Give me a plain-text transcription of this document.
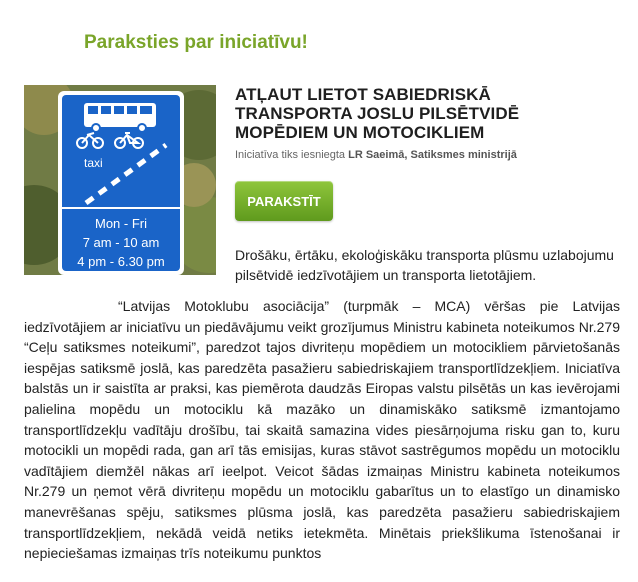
Paraksties par iniciatīvu!
taxi
Mon - Fri
7 am - 10 am
4 pm - 6.30 pm
ATĻAUT LIETOT SABIEDRISKĀ TRANSPORTA JOSLU PILSĒTVIDĒ MOPĒDIEM UN MOTOCIKLIEM
Iniciatīva tiks iesniegta LR Saeimā, Satiksmes ministrijā
PARAKSTĪT
Drošāku, ērtāku, ekoloģiskāku transporta plūsmu uzlabojumu pilsētvidē iedzīvotājiem un transporta lietotājiem.
“Latvijas Motoklubu asociācija” (turpmāk – MCA) vēršas pie Latvijas iedzīvotājiem ar iniciatīvu un piedāvājumu veikt grozījumus Ministru kabineta noteikumos Nr.279 “Ceļu satiksmes noteikumi”, paredzot tajos divriteņu mopēdiem un motocikliem pārvietošanās iespējas satiksmē joslā, kas paredzēta pasažieru sabiedriskajiem transportlīdzekļiem. Iniciatīva balstās un ir saistīta ar praksi, kas piemērota daudzās Eiropas valstu pilsētās un kas ievērojami palielina mopēdu un motociklu kā mazāko un dinamiskāko satiksmē izmantojamo transportlīdzekļu vadītāju drošību, tai skaitā samazina vides piesārņojuma risku gan to, kuru motocikli un mopēdi rada, gan arī tās emisijas, kuras stāvot sastrēgumos mopēdu un motociklu vadītājiem diemžēl nākas arī ieelpot. Veicot šādas izmaiņas Ministru kabineta noteikumos Nr.279 un ņemot vērā divriteņu mopēdu un motociklu gabarītus un to elastīgo un dinamisko manevrēšanas spēju, satiksmes plūsma joslā, kas paredzēta pasažieru sabiedriskajiem transportlīdzekļiem, nekādā veidā netiks ietekmēta. Minētais priekšlikuma īstenošanai ir nepieciešamas izmaiņas trīs noteikumu punktos
